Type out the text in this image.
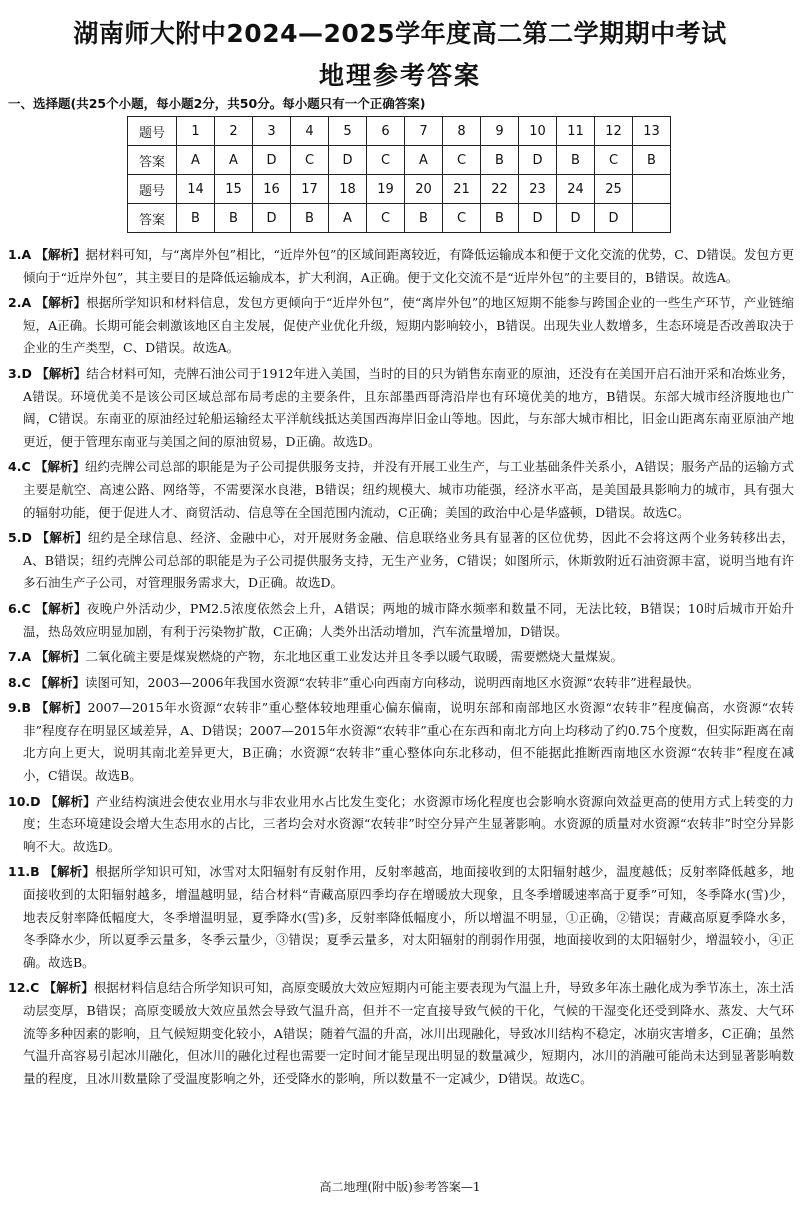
湖南师大附中2024—2025学年度高二第二学期期中考试
地理参考答案
一、选择题(共25个小题，每小题2分，共50分。每小题只有一个正确答案)
题号	1	2	3	4	5	6	7	8	9	10	11	12	13
答案	A	A	D	C	D	C	A	C	B	D	B	C	B
题号	14	15	16	17	18	19	20	21	22	23	24	25	
答案	B	B	D	B	A	C	B	C	B	D	D	D	

1.A 【解析】据材料可知，与“离岸外包”相比，“近岸外包”的区域间距离较近，有降低运输成本和便于文化交流的优势，C、D错误。发包方更倾向于“近岸外包”，其主要目的是降低运输成本，扩大利润，A正确。便于文化交流不是“近岸外包”的主要目的，B错误。故选A。

2.A 【解析】根据所学知识和材料信息，发包方更倾向于“近岸外包”，使“离岸外包”的地区短期不能参与跨国企业的一些生产环节，产业链缩短，A正确。长期可能会刺激该地区自主发展，促使产业优化升级，短期内影响较小，B错误。出现失业人数增多，生态环境是否改善取决于企业的生产类型，C、D错误。故选A。

3.D 【解析】结合材料可知，壳牌石油公司于1912年进入美国，当时的目的只为销售东南亚的原油，还没有在美国开启石油开采和冶炼业务，A错误。环境优美不是该公司区域总部布局考虑的主要条件，且东部墨西哥湾沿岸也有环境优美的地方，B错误。东部大城市经济腹地也广阔，C错误。东南亚的原油经过轮船运输经太平洋航线抵达美国西海岸旧金山等地。因此，与东部大城市相比，旧金山距离东南亚原油产地更近，便于管理东南亚与美国之间的原油贸易，D正确。故选D。

4.C 【解析】纽约壳牌公司总部的职能是为子公司提供服务支持，并没有开展工业生产，与工业基础条件关系小，A错误；服务产品的运输方式主要是航空、高速公路、网络等，不需要深水良港，B错误；纽约规模大、城市功能强，经济水平高，是美国最具影响力的城市，具有强大的辐射功能，便于促进人才、商贸活动、信息等在全国范围内流动，C正确；美国的政治中心是华盛顿，D错误。故选C。

5.D 【解析】纽约是全球信息、经济、金融中心，对开展财务金融、信息联络业务具有显著的区位优势，因此不会将这两个业务转移出去，A、B错误；纽约壳牌公司总部的职能是为子公司提供服务支持，无生产业务，C错误；如图所示，休斯敦附近石油资源丰富，说明当地有许多石油生产子公司，对管理服务需求大，D正确。故选D。

6.C 【解析】夜晚户外活动少，PM2.5浓度依然会上升，A错误；两地的城市降水频率和数量不同，无法比较，B错误；10时后城市开始升温，热岛效应明显加剧，有利于污染物扩散，C正确；人类外出活动增加，汽车流量增加，D错误。

7.A 【解析】二氧化硫主要是煤炭燃烧的产物，东北地区重工业发达并且冬季以暖气取暖，需要燃烧大量煤炭。

8.C 【解析】读图可知，2003—2006年我国水资源“农转非”重心向西南方向移动，说明西南地区水资源“农转非”进程最快。

9.B 【解析】2007—2015年水资源“农转非”重心整体较地理重心偏东偏南，说明东部和南部地区水资源“农转非”程度偏高，水资源“农转非”程度存在明显区域差异，A、D错误；2007—2015年水资源“农转非”重心在东西和南北方向上均移动了约0.75个度数，但实际距离在南北方向上更大，说明其南北差异更大，B正确；水资源“农转非”重心整体向东北移动，但不能据此推断西南地区水资源“农转非”程度在减小，C错误。故选B。

10.D 【解析】产业结构演进会使农业用水与非农业用水占比发生变化；水资源市场化程度也会影响水资源向效益更高的使用方式上转变的力度；生态环境建设会增大生态用水的占比，三者均会对水资源“农转非”时空分异产生显著影响。水资源的质量对水资源“农转非”时空分异影响不大。故选D。

11.B 【解析】根据所学知识可知，冰雪对太阳辐射有反射作用，反射率越高，地面接收到的太阳辐射越少，温度越低；反射率降低越多，地面接收到的太阳辐射越多，增温越明显，结合材料“青藏高原四季均存在增暖放大现象，且冬季增暖速率高于夏季”可知，冬季降水(雪)少，地表反射率降低幅度大，冬季增温明显，夏季降水(雪)多，反射率降低幅度小，所以增温不明显，①正确，②错误；青藏高原夏季降水多，冬季降水少，所以夏季云量多，冬季云量少，③错误；夏季云量多，对太阳辐射的削弱作用强，地面接收到的太阳辐射少，增温较小，④正确。故选B。

12.C 【解析】根据材料信息结合所学知识可知，高原变暖放大效应短期内可能主要表现为气温上升，导致多年冻土融化成为季节冻土，冻土活动层变厚，B错误；高原变暖放大效应虽然会导致气温升高，但并不一定直接导致气候的干化，气候的干湿变化还受到降水、蒸发、大气环流等多种因素的影响，且气候短期变化较小，A错误；随着气温的升高，冰川出现融化，导致冰川结构不稳定，冰崩灾害增多，C正确；虽然气温升高容易引起冰川融化，但冰川的融化过程也需要一定时间才能呈现出明显的数量减少，短期内，冰川的消融可能尚未达到显著影响数量的程度，且冰川数量除了受温度影响之外，还受降水的影响，所以数量不一定减少，D错误。故选C。

高二地理(附中版)参考答案—1
